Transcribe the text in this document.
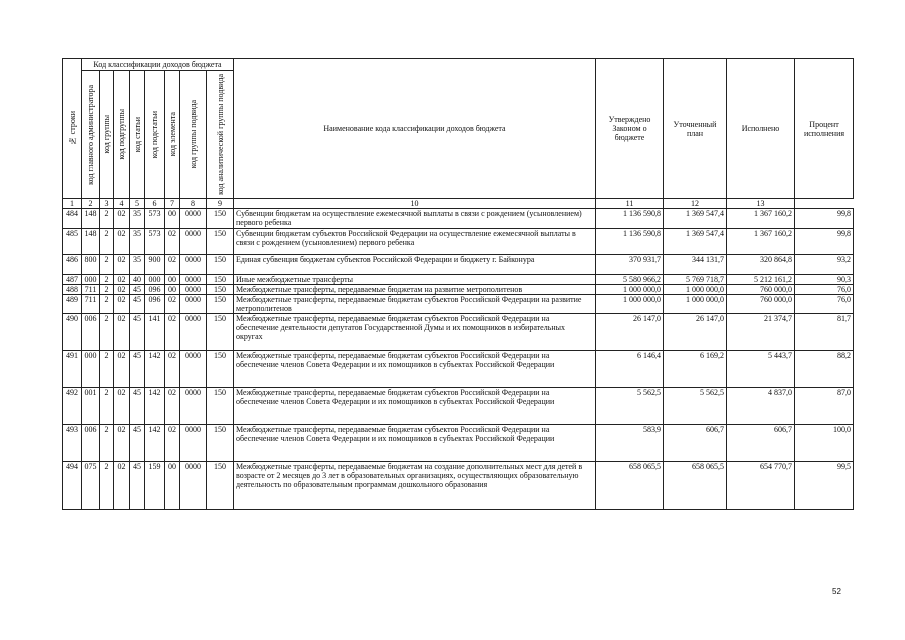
№ строки	Код классификации доходов бюджета								Наименование кода классификации доходов бюджета	Утверждено Законом о бюджете	Уточненный план	Исполнено	Процент исполнения

	код главного администратора	код группы	код подгруппы	код статьи	код подстатьи	код элемента	код группы подвида	код аналитической группы подвида					

1	2	3	4	5	6	7	8	9	10	11	12	13	
484	148	2	02	35	573	00	0000	150	Субвенции бюджетам на осуществление ежемесячной выплаты в связи с рождением (усыновлением) первого ребенка	1 136 590,8	1 369 547,4	1 367 160,2	99,8
485	148	2	02	35	573	02	0000	150	Субвенции бюджетам субъектов Российской Федерации на осуществление ежемесячной выплаты в связи с рождением (усыновлением) первого ребенка	1 136 590,8	1 369 547,4	1 367 160,2	99,8
486	800	2	02	35	900	02	0000	150	Единая субвенция бюджетам субъектов Российской Федерации и бюджету г. Байконура	370 931,7	344 131,7	320 864,8	93,2
487	000	2	02	40	000	00	0000	150	Иные межбюджетные трансферты	5 580 966,2	5 769 718,7	5 212 161,2	90,3
488	711	2	02	45	096	00	0000	150	Межбюджетные трансферты, передаваемые бюджетам на развитие метрополитенов	1 000 000,0	1 000 000,0	760 000,0	76,0
489	711	2	02	45	096	02	0000	150	Межбюджетные трансферты, передаваемые бюджетам субъектов Российской Федерации на развитие метрополитенов	1 000 000,0	1 000 000,0	760 000,0	76,0
490	006	2	02	45	141	02	0000	150	Межбюджетные трансферты, передаваемые бюджетам субъектов Российской Федерации на обеспечение деятельности депутатов Государственной Думы и их помощников в избирательных округах	26 147,0	26 147,0	21 374,7	81,7
491	000	2	02	45	142	02	0000	150	Межбюджетные трансферты, передаваемые бюджетам субъектов Российской Федерации на обеспечение членов Совета Федерации и их помощников в субъектах Российской Федерации	6 146,4	6 169,2	5 443,7	88,2
492	001	2	02	45	142	02	0000	150	Межбюджетные трансферты, передаваемые бюджетам субъектов Российской Федерации на обеспечение членов Совета Федерации и их помощников в субъектах Российской Федерации	5 562,5	5 562,5	4 837,0	87,0
493	006	2	02	45	142	02	0000	150	Межбюджетные трансферты, передаваемые бюджетам субъектов Российской Федерации на обеспечение членов Совета Федерации и их помощников в субъектах Российской Федерации	583,9	606,7	606,7	100,0
494	075	2	02	45	159	00	0000	150	Межбюджетные трансферты, передаваемые бюджетам на создание дополнительных мест для детей в возрасте от 2 месяцев до 3 лет в образовательных организациях, осуществляющих образовательную деятельность по образовательным программам дошкольного образования	658 065,5	658 065,5	654 770,7	99,5
52
